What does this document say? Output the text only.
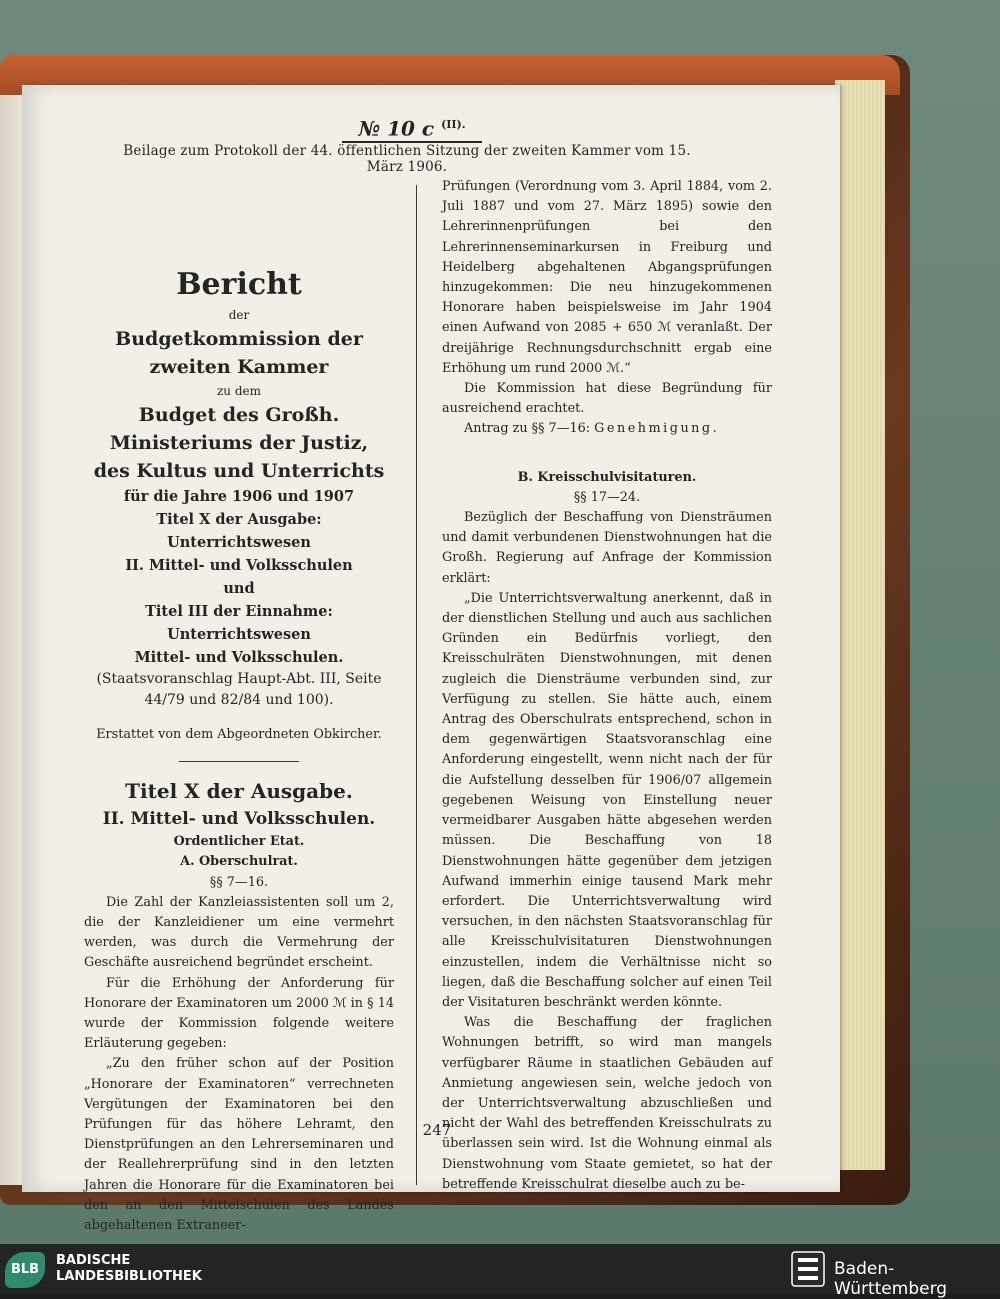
№ 10 c $^{(II).}$
Beilage zum Protokoll der 44. öffentlichen Sitzung der zweiten Kammer vom 15. März 1906.
Bericht
der
Budgetkommission der zweiten Kammer
zu dem
Budget des Großh. Ministeriums der Justiz,
des Kultus und Unterrichts
für die Jahre 1906 und 1907
Titel X der Ausgabe: Unterrichtswesen
II. Mittel- und Volksschulen
und
Titel III der Einnahme: Unterrichtswesen
Mittel- und Volksschulen.
(Staatsvoranschlag Haupt-Abt. III, Seite 44/79 und 82/84 und 100).
Erstattet von dem Abgeordneten Obkircher.
Titel X der Ausgabe.
II. Mittel- und Volksschulen.
Ordentlicher Etat.
A. Oberschulrat.
§§ 7—16.
Die Zahl der Kanzleiassistenten soll um 2, die der Kanzleidiener um eine vermehrt werden, was durch die Vermehrung der Geschäfte ausreichend begründet erscheint.
Für die Erhöhung der Anforderung für Honorare der Examinatoren um 2000 ℳ in § 14 wurde der Kommission folgende weitere Erläuterung gegeben:
„Zu den früher schon auf der Position „Honorare der Examinatoren“ verrechneten Vergütungen der Examinatoren bei den Prüfungen für das höhere Lehramt, den Dienstprüfungen an den Lehrerseminaren und der Reallehrerprüfung sind in den letzten Jahren die Honorare für die Examinatoren bei den an den Mittelschulen des Landes abgehaltenen Extraneer-
Prüfungen (Verordnung vom 3. April 1884, vom 2. Juli 1887 und vom 27. März 1895) sowie den Lehrerinnenprüfungen bei den Lehrerinnenseminarkursen in Freiburg und Heidelberg abgehaltenen Abgangsprüfungen hinzugekommen: Die neu hinzugekommenen Honorare haben beispielsweise im Jahr 1904 einen Aufwand von 2085 + 650 ℳ veranlaßt. Der dreijährige Rechnungsdurchschnitt ergab eine Erhöhung um rund 2000 ℳ.“
Die Kommission hat diese Begründung für ausreichend erachtet.
Antrag zu §§ 7—16: Genehmigung.
B. Kreisschulvisitaturen.
§§ 17—24.
Bezüglich der Beschaffung von Diensträumen und damit verbundenen Dienstwohnungen hat die Großh. Regierung auf Anfrage der Kommission erklärt:
„Die Unterrichtsverwaltung anerkennt, daß in der dienstlichen Stellung und auch aus sachlichen Gründen ein Bedürfnis vorliegt, den Kreisschulräten Dienstwohnungen, mit denen zugleich die Diensträume verbunden sind, zur Verfügung zu stellen. Sie hätte auch, einem Antrag des Oberschulrats entsprechend, schon in dem gegenwärtigen Staatsvoranschlag eine Anforderung eingestellt, wenn nicht nach der für die Aufstellung desselben für 1906/07 allgemein gegebenen Weisung von Einstellung neuer vermeidbarer Ausgaben hätte abgesehen werden müssen. Die Beschaffung von 18 Dienstwohnungen hätte gegenüber dem jetzigen Aufwand immerhin einige tausend Mark mehr erfordert. Die Unterrichtsverwaltung wird versuchen, in den nächsten Staatsvoranschlag für alle Kreisschulvisitaturen Dienstwohnungen einzustellen, indem die Verhältnisse nicht so liegen, daß die Beschaffung solcher auf einen Teil der Visitaturen beschränkt werden könnte.
Was die Beschaffung der fraglichen Wohnungen betrifft, so wird man mangels verfügbarer Räume in staatlichen Gebäuden auf Anmietung angewiesen sein, welche jedoch von der Unterrichtsverwaltung abzuschließen und nicht der Wahl des betreffenden Kreisschulrats zu überlassen sein wird. Ist die Wohnung einmal als Dienstwohnung vom Staate gemietet, so hat der betreffende Kreisschulrat dieselbe auch zu be-
247
BLB
BADISCHE
LANDESBIBLIOTHEK	Baden-Württemberg
